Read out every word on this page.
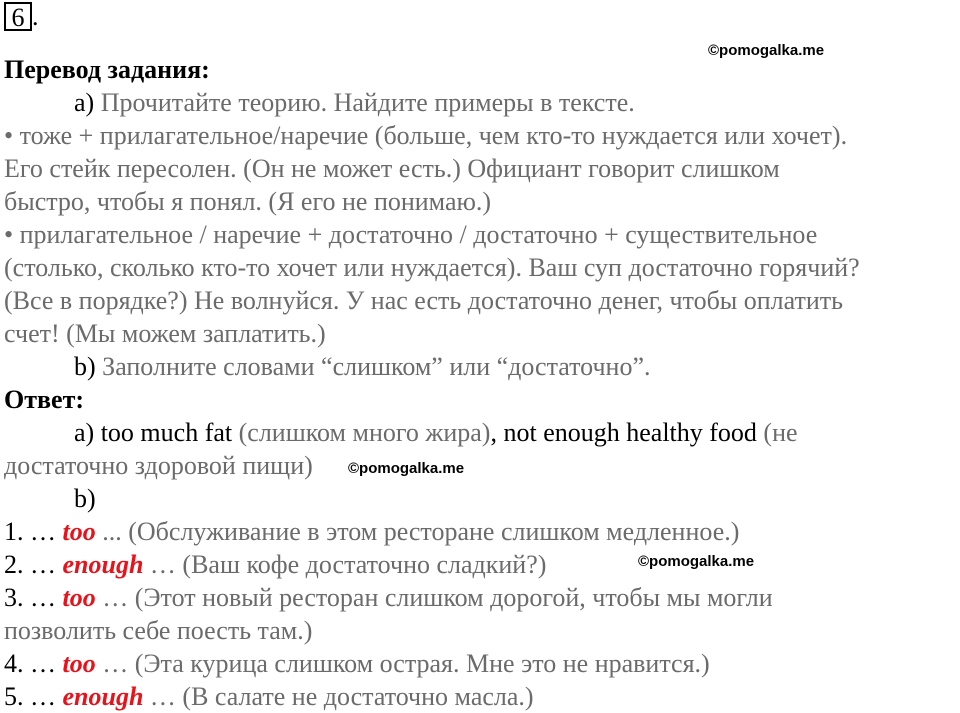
6 .
©pomogalka.me
Перевод задания:
а) Прочитайте теорию. Найдите примеры в тексте.
• тоже + прилагательное/наречие (больше, чем кто-то нуждается или хочет).
Его стейк пересолен. (Он не может есть.) Официант говорит слишком
быстро, чтобы я понял. (Я его не понимаю.)
• прилагательное / наречие + достаточно / достаточно + существительное
(столько, сколько кто-то хочет или нуждается). Ваш суп достаточно горячий?
(Все в порядке?) Не волнуйся. У нас есть достаточно денег, чтобы оплатить
счет! (Мы можем заплатить.)
b) Заполните словами “слишком” или “достаточно”.
Ответ:
а) too much fat (слишком много жира), not enough healthy food (не
достаточно здоровой пищи) ©pomogalka.me
b)
1. … too ... (Обслуживание в этом ресторане слишком медленное.)
2. … enough … (Ваш кофе достаточно сладкий?)	©pomogalka.me
3. … too … (Этот новый ресторан слишком дорогой, чтобы мы могли
позволить себе поесть там.)
4. … too … (Эта курица слишком острая. Мне это не нравится.)
5. … enough … (В салате не достаточно масла.)
